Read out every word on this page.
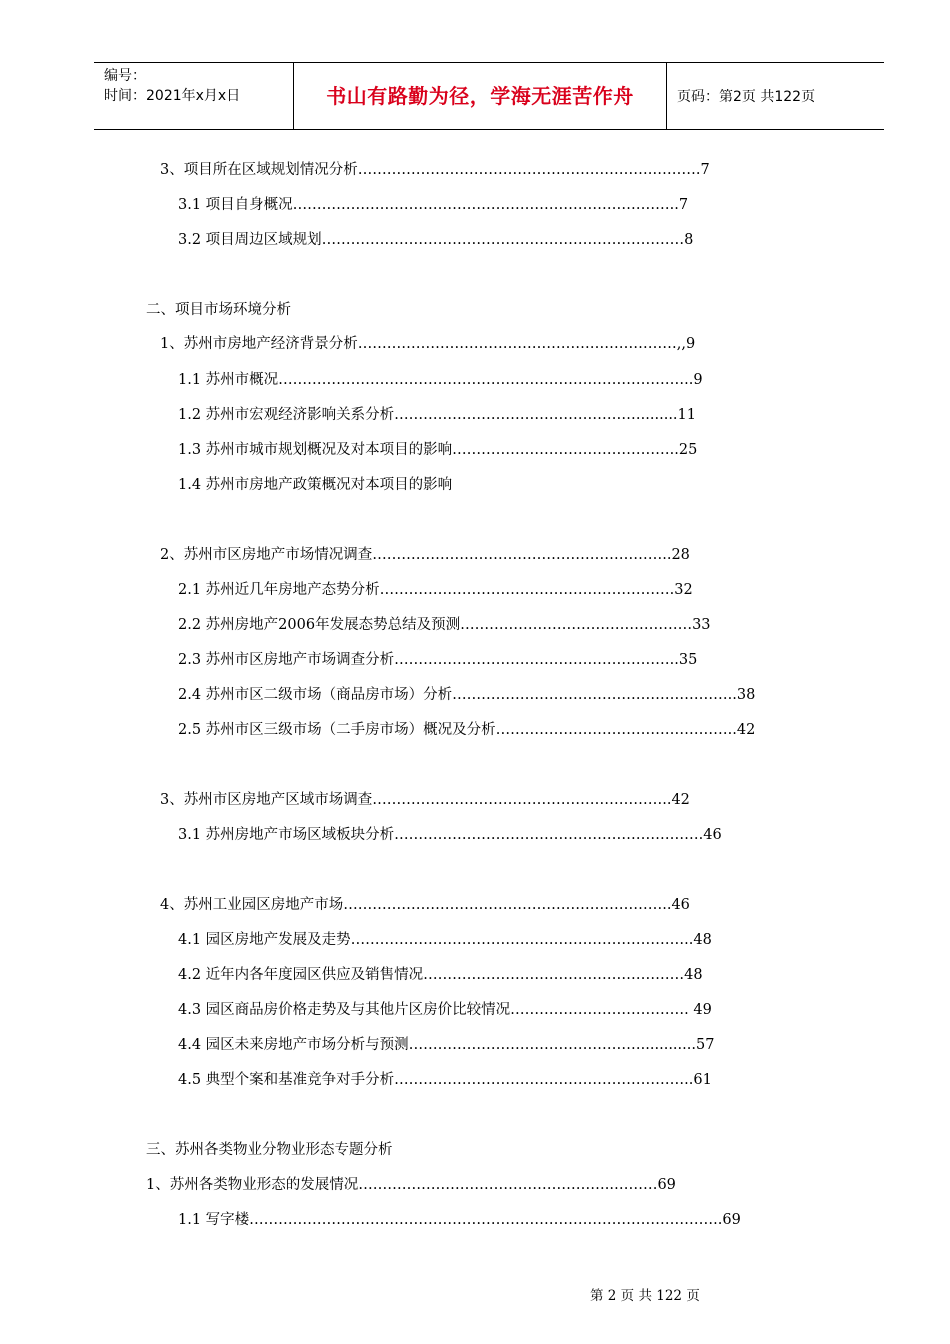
编号：
时间：2021年x月x日	书山有路勤为径，学海无涯苦作舟	页码：第2页 共122页
3、项目所在区域规划情况分析…………………………………………………….……….7
3.1 项目自身概况……………………………………………………………………..7
3.2 项目周边区域规划…………………………………………………………………8
二、项目市场环境分析
1、苏州市房地产经济背景分析…………………………………………………………,,9
1.1 苏州市概况…………………………………………………………………………..9
1.2 苏州市宏观经济影响关系分析……………………………………………........11
1.3 苏州市城市规划概况及对本项目的影响………………………………………..25
1.4 苏州市房地产政策概况对本项目的影响
2、苏州市区房地产市场情况调查……………………………………………………..28
2.1 苏州近几年房地产态势分析…………………………………………………….32
2.2 苏州房地产2006年发展态势总结及预测…………………………………………33
2.3 苏州市区房地产市场调查分析…………………………………………………..35
2.4 苏州市区二级市场（商品房市场）分析…………………………………………………..38
2.5 苏州市区三级市场（二手房市场）概况及分析…………………………………………..42
3、苏州市区房地产区域市场调查……………………………………………………..42
3.1 苏州房地产市场区域板块分析……………………………………………………….46
4、苏州工业园区房地产市场…………………………………………………………..46
4.1 园区房地产发展及走势……………………………………………………………..48
4.2 近年内各年度园区供应及销售情况………………………………………………48
4.3 园区商品房价格走势及与其他片区房价比较情况………………………………. 49
4.4 园区未来房地产市场分析与预测…………………………………………............57
4.5 典型个案和基准竞争对手分析……………………………………………………..61
三、苏州各类物业分物业形态专题分析
1、苏州各类物业形态的发展情况……………………………………………..………69
1.1 写字楼……………………………………………………………………………………..69
第 2 页 共 122 页
